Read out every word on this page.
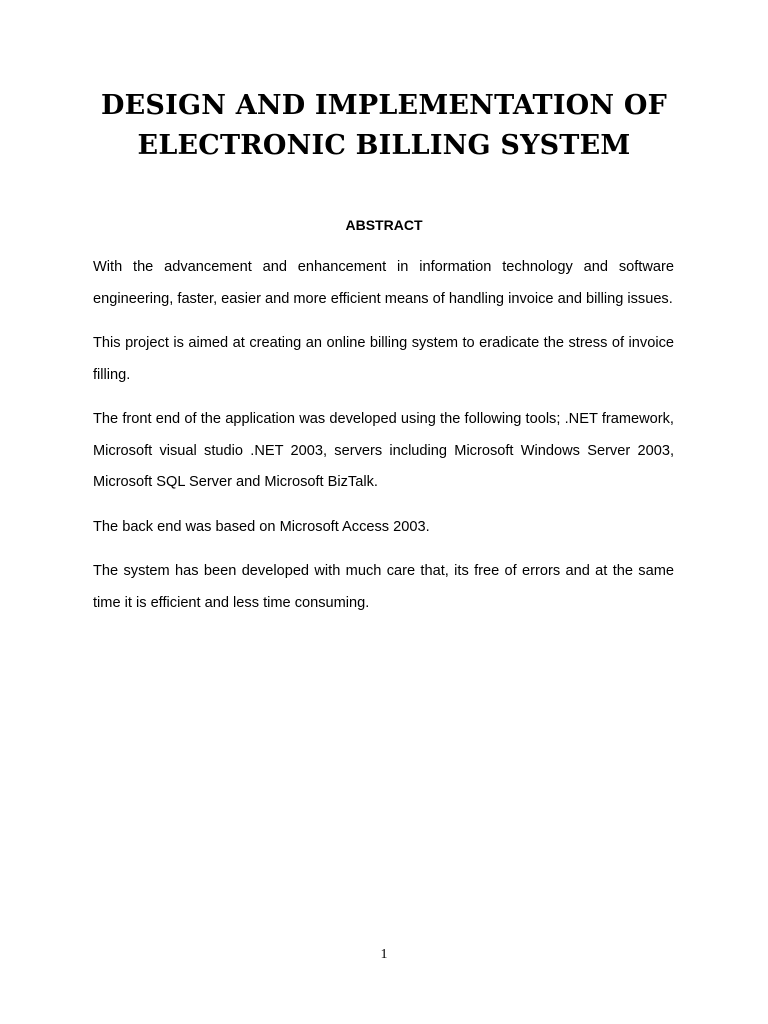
DESIGN AND IMPLEMENTATION OF
ELECTRONIC BILLING SYSTEM
ABSTRACT

With the advancement and enhancement in information technology and software engineering, faster, easier and more efficient means of handling invoice and billing issues.

This project is aimed at creating an online billing system to eradicate the stress of invoice filling.

The front end of the application was developed using the following tools; .NET framework, Microsoft visual studio .NET 2003, servers including Microsoft Windows Server 2003, Microsoft SQL Server and Microsoft BizTalk.

The back end was based on Microsoft Access 2003.

The system has been developed with much care that, its free of errors and at the same time it is efficient and less time consuming.

1
